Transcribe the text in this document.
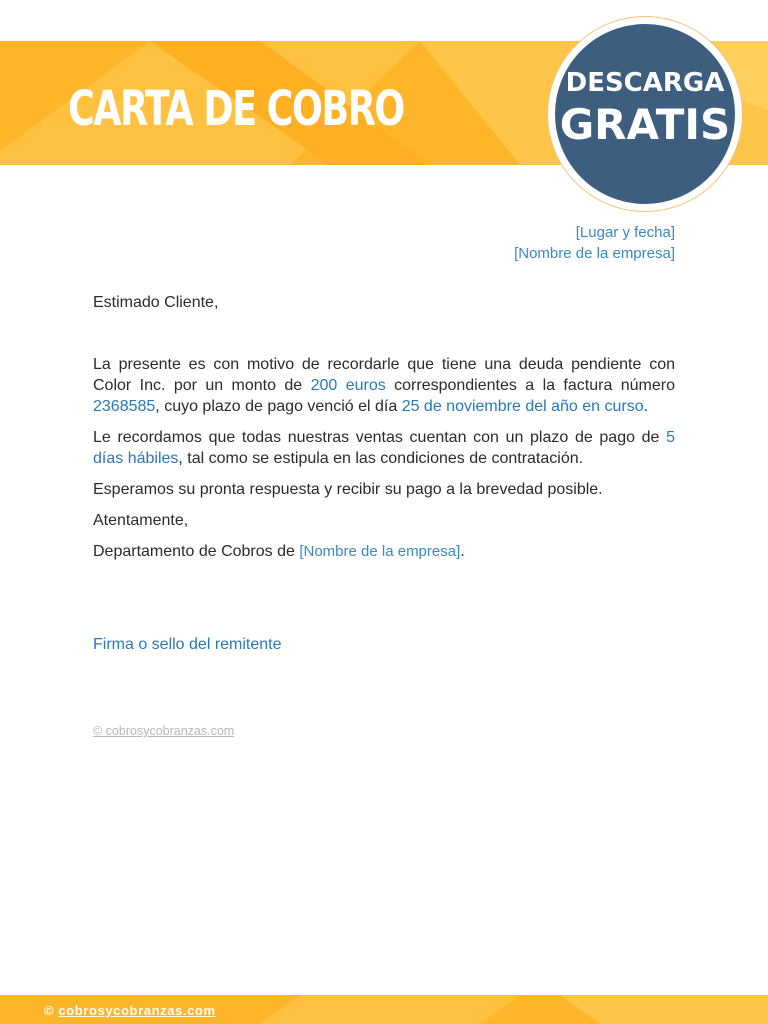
CARTA DE COBRO	DESCARGA
GRATIS
[Lugar y fecha]
[Nombre de la empresa]

Estimado Cliente,

La presente es con motivo de recordarle que tiene una deuda pendiente con Color Inc. por un monto de 200 euros correspondientes a la factura número 2368585, cuyo plazo de pago venció el día 25 de noviembre del año en curso.

Le recordamos que todas nuestras ventas cuentan con un plazo de pago de 5 días hábiles, tal como se estipula en las condiciones de contratación.

Esperamos su pronta respuesta y recibir su pago a la brevedad posible.

Atentamente,

Departamento de Cobros de [Nombre de la empresa].

Firma o sello del remitente
© cobrosycobranzas.com
© cobrosycobranzas.com
